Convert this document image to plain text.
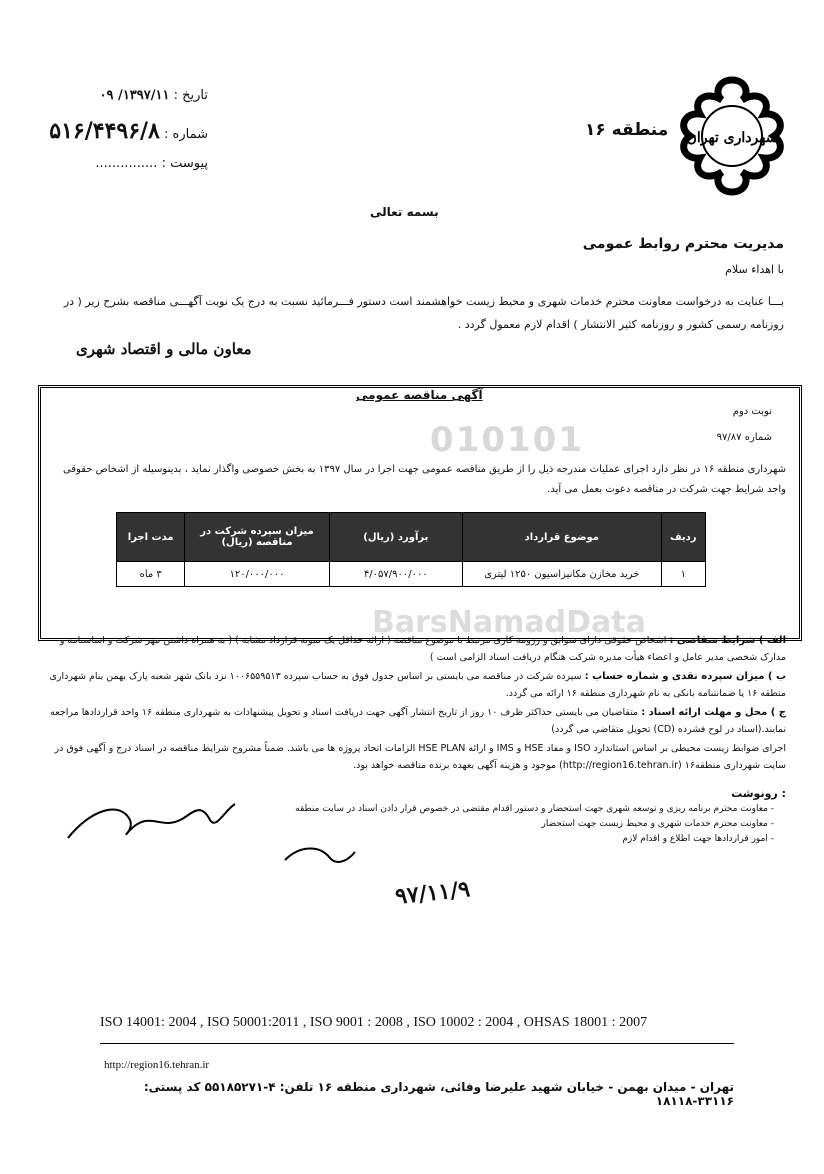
010101
BarsNamadData
شهرداری تهران
منطقه ۱۶
تاریخ : ۱۳۹۷/۱۱/ ۰۹
شماره : ۵۱۶/۴۴۹۶/۸
پیوست : ...............
بسمه تعالی
مدیریت محترم روابط عمومی
با اهداء سلام
بـــا عنایت به درخواست معاونت محترم خدمات شهری و محیط زیست خواهشمند است دستور فـــرمائید نسبت به درج یک نوبت آگهـــی مناقصه بشرح زیر ( در روزنامه رسمی کشور و روزنامه کثیر الانتشار ) اقدام لازم معمول گردد .
معاون مالی و اقتصاد شهری
آگهی مناقصه عمومی
نوبت دوم
شماره ۹۷/۸۷
شهرداری منطقه ۱۶ در نظر دارد اجرای عملیات مندرجه ذیل را از طریق مناقصه عمومی جهت اجرا در سال ۱۳۹۷ به بخش خصوصی واگذار نماید ، بدینوسیله از اشخاص حقوقی واجد شرایط جهت شرکت در مناقصه دعوت بعمل می آید.
ردیف	موضوع قرارداد	برآورد (ریال)	میزان سپرده شرکت در مناقصه (ریال)	مدت اجرا
۱	خرید مخازن مکانیزاسیون ۱۲۵۰ لیتری	۴/۰۵۷/۹۰۰/۰۰۰	۱۲۰/۰۰۰/۰۰۰	۳ ماه
الف ) شرایط متقاضی : اشخاص حقوقی دارای سوابق و رزومه کاری مرتبط با موضوع مناقصه ( ارائه حداقل یک نمونه قرارداد مشابه ) ( به همراه داشتن مهر شرکت و اساسنامه و مدارک شخصی مدیر عامل و اعضاء هیأت مدیره شرکت هنگام دریافت اسناد الزامی است )
ب ) میزان سپرده نقدی و شماره حساب : سپرده شرکت در مناقصه می بایستی بر اساس جدول فوق به حساب سپرده ۱۰۰۶۵۵۹۵۱۳ نزد بانک شهر شعبه پارک بهمن بنام شهرداری منطقه ۱۶ یا ضمانتنامه بانکی به نام شهرداری منطقه ۱۶ ارائه می گردد.
ج ) محل و مهلت ارائه اسناد : متقاضیان می بایستی حداکثر ظرف ۱۰ روز از تاریخ انتشار آگهی جهت دریافت اسناد و تحویل پیشنهادات به شهرداری منطقه ۱۶ واحد قراردادها مراجعه نمایند.(اسناد در لوح فشرده (CD) تحویل متقاضی می گردد)
اجرای ضوابط زیست محیطی بر اساس استاندارد ISO و مفاد HSE و IMS و ارائه HSE PLAN الزامات اتحاد پروژه ها می باشد. ضمناً مشروح شرایط مناقصه در اسناد درج و آگهی فوق در سایت شهرداری منطقه۱۶ (http://region16.tehran.ir) موجود و هزینه آگهی بعهده برنده مناقصه خواهد بود.
رونوشت :
- معاونت محترم برنامه ریزی و توسعه شهری جهت استحضار و دستور اقدام مقتضی در خصوص قرار دادن اسناد در سایت منطقه
- معاونت محترم خدمات شهری و محیط زیست جهت استحضار
- امور قراردادها جهت اطلاع و اقدام لازم
۹۷/۱۱/۹
ISO 14001: 2004 , ISO 50001:2011 , ISO 9001 : 2008 , ISO 10002 : 2004 , OHSAS 18001 : 2007
http://region16.tehran.ir
تهران - میدان بهمن - خیابان شهید علیرضا وفائی، شهرداری منطقه ۱۶ تلفن: ۴-۵۵۱۸۵۲۷۱ کد پستی: ۳۳۱۱۶-۱۸۱۱۸
